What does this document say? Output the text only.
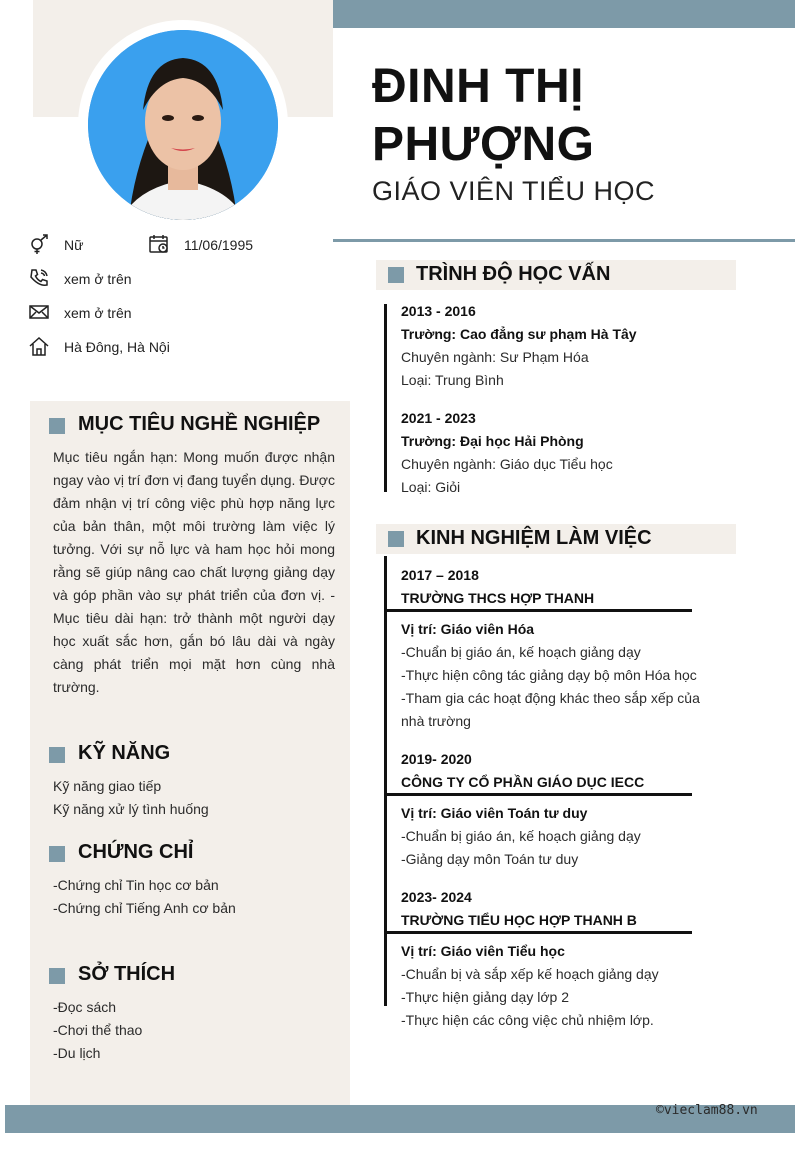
ĐINH THỊ
PHƯỢNG
GIÁO VIÊN TIỂU HỌC
Nữ	11/06/1995
xem ở trên
xem ở trên
Hà Đông, Hà Nội
MỤC TIÊU NGHỀ NGHIỆP
Mục tiêu ngắn hạn: Mong muốn được nhận ngay vào vị trí đơn vị đang tuyển dụng. Được đảm nhận vị trí công việc phù hợp năng lực của bản thân, một môi trường làm việc lý tưởng. Với sự nỗ lực và ham học hỏi mong rằng sẽ giúp nâng cao chất lượng giảng dạy và góp phần vào sự phát triển của đơn vị. - Mục tiêu dài hạn: trở thành một người dạy học xuất sắc hơn, gắn bó lâu dài và ngày càng phát triển mọi mặt hơn cùng nhà trường.
KỸ NĂNG
Kỹ năng giao tiếp
Kỹ năng xử lý tình huống
CHỨNG CHỈ
-Chứng chỉ Tin học cơ bản
-Chứng chỉ Tiếng Anh cơ bản
SỞ THÍCH
-Đọc sách
-Chơi thể thao
-Du lịch
TRÌNH ĐỘ HỌC VẤN
2013 - 2016
Trường: Cao đẳng sư phạm Hà Tây
Chuyên ngành: Sư Phạm Hóa
Loại: Trung Bình
2021 - 2023
Trường: Đại học Hải Phòng
Chuyên ngành: Giáo dục Tiểu học
Loại: Giỏi
KINH NGHIỆM LÀM VIỆC
2017 – 2018
TRƯỜNG THCS HỢP THANH
Vị trí: Giáo viên Hóa
-Chuẩn bị giáo án, kế hoạch giảng dạy
-Thực hiện công tác giảng dạy bộ môn Hóa học
-Tham gia các hoạt động khác theo sắp xếp của
nhà trường
2019- 2020
CÔNG TY CỔ PHẦN GIÁO DỤC IECC
Vị trí: Giáo viên Toán tư duy
-Chuẩn bị giáo án, kế hoạch giảng dạy
-Giảng dạy môn Toán tư duy
2023- 2024
TRƯỜNG TIỂU HỌC HỢP THANH B
Vị trí: Giáo viên Tiểu học
-Chuẩn bị và sắp xếp kế hoạch giảng dạy
-Thực hiện giảng dạy lớp 2
-Thực hiện các công việc chủ nhiệm lớp.
©vieclam88.vn
